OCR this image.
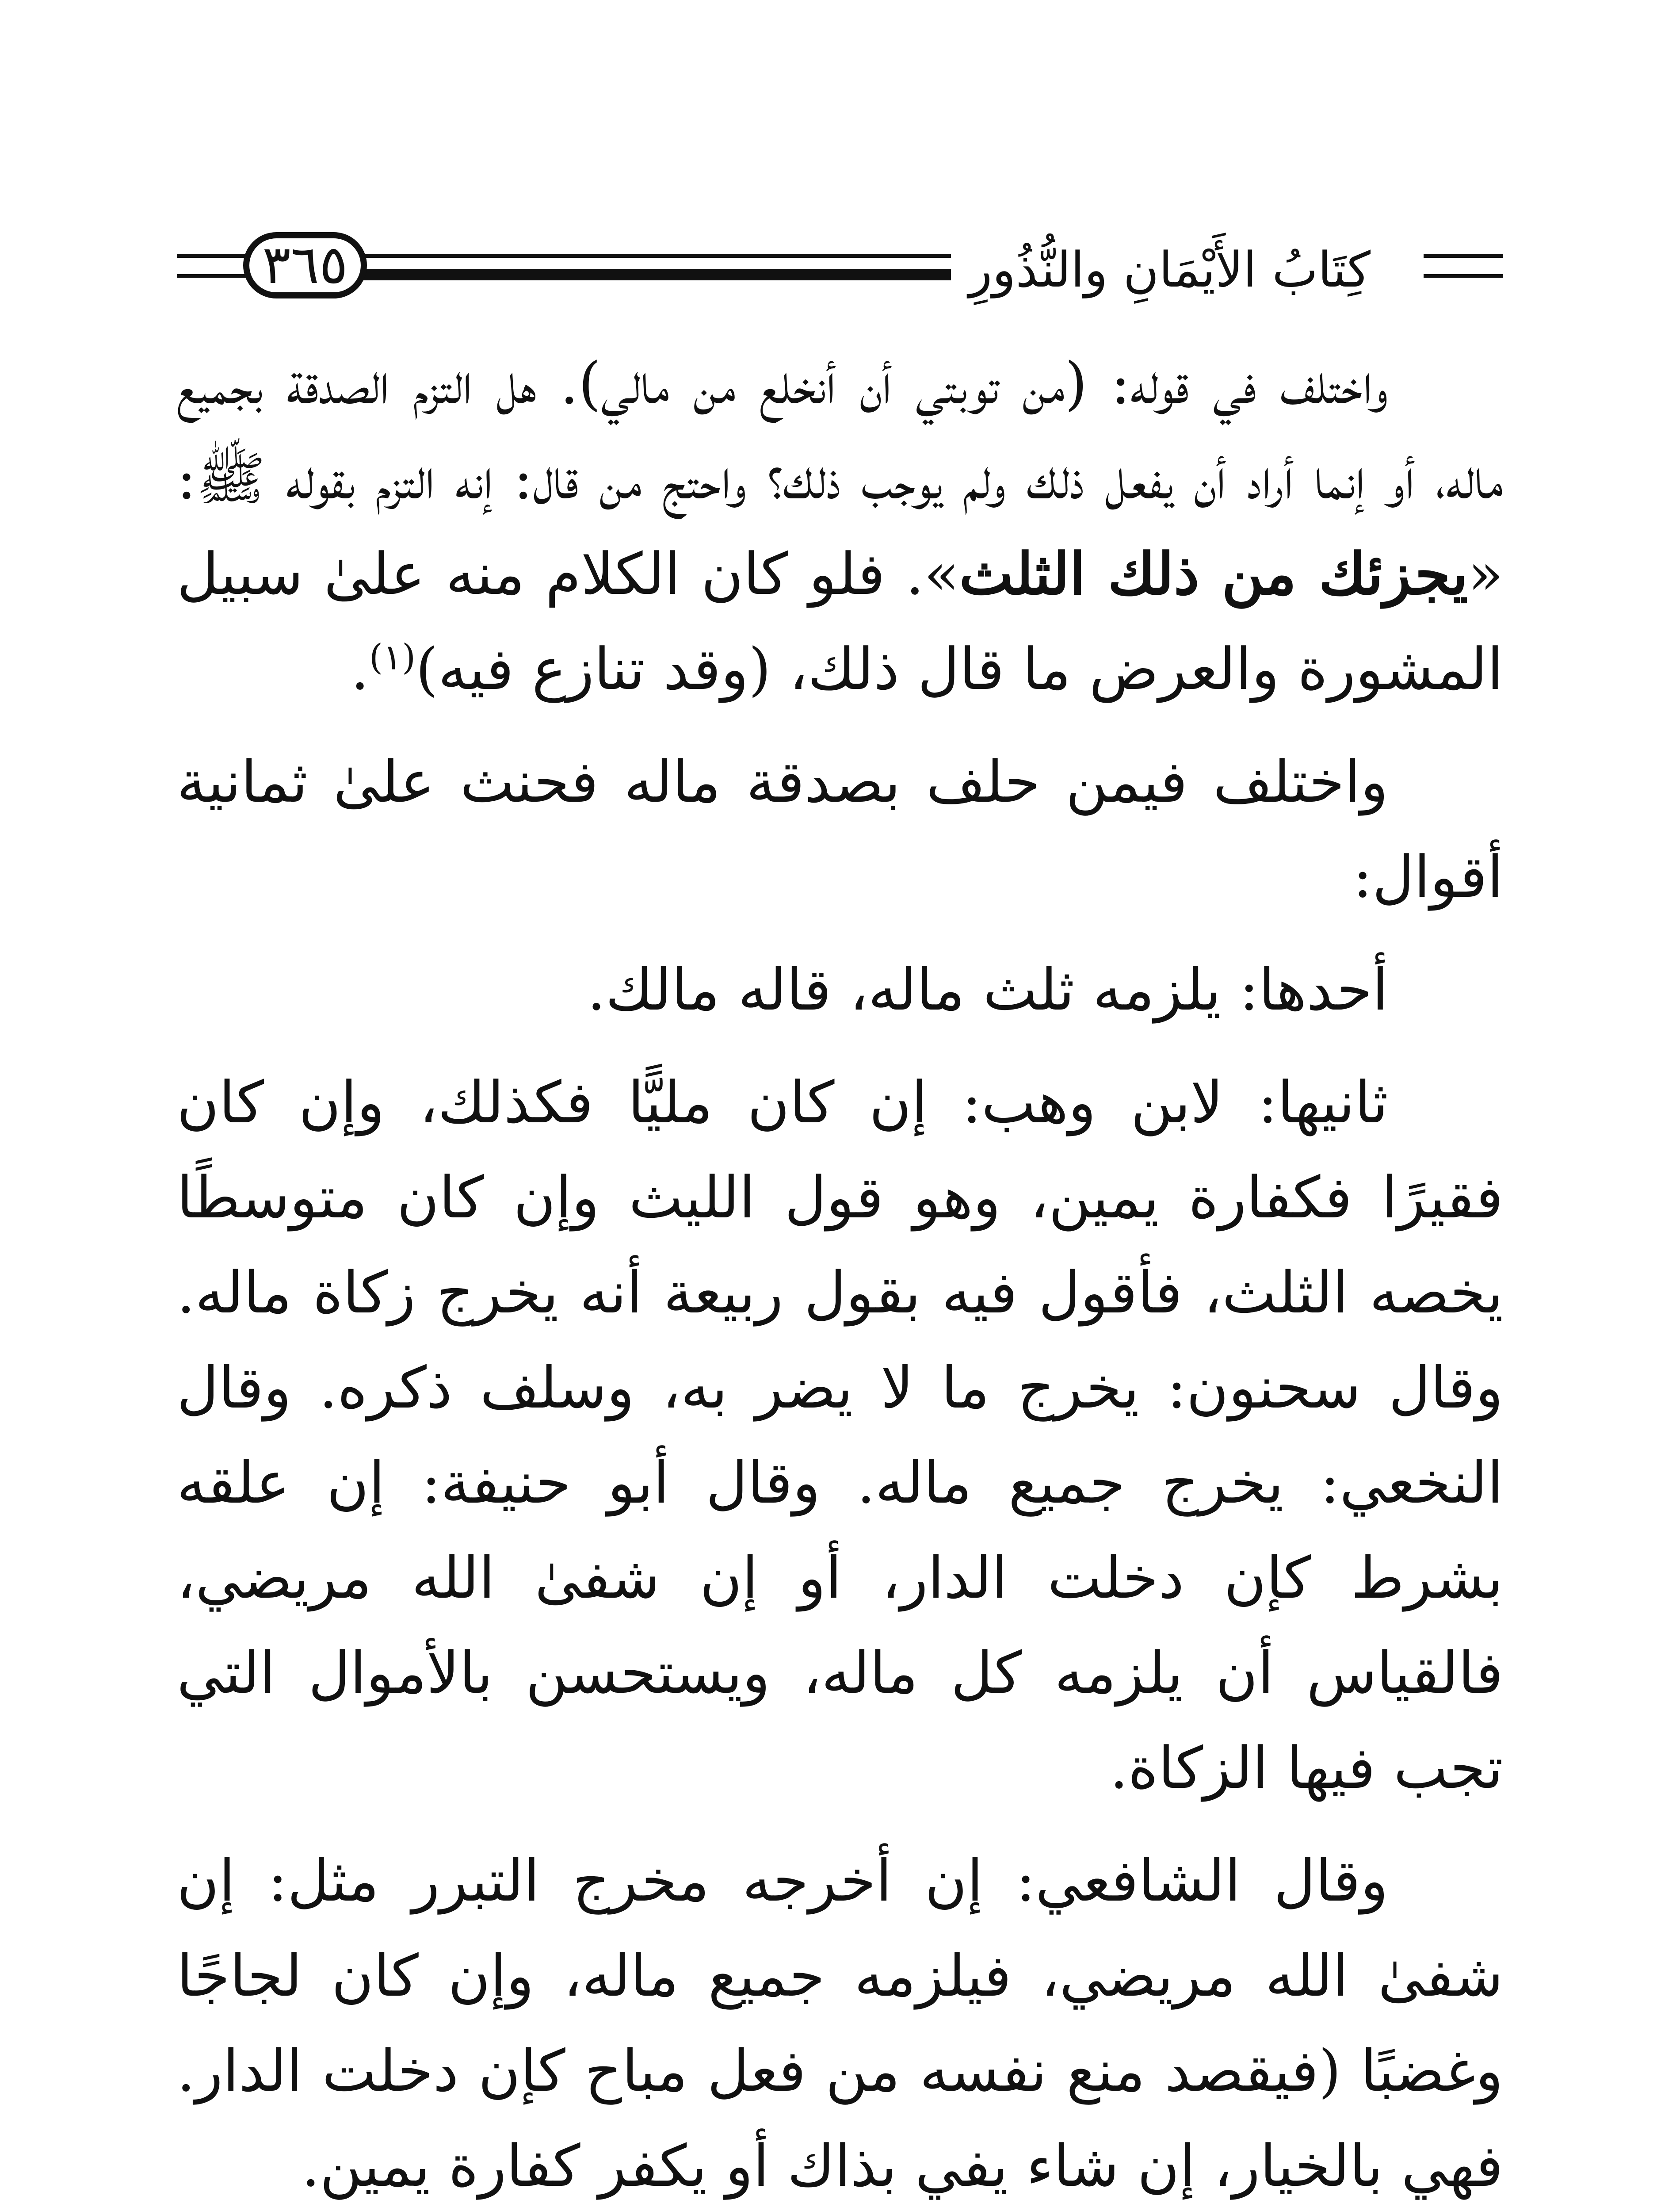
٣٦٥	كِتَابُ الأَيْمَانِ والنُّذُورِ

واختلف في قوله: (من توبتي أن أنخلع من مالي). هل التزم الصدقة بجميع ماله، أو إنما أراد أن يفعل ذلك ولم يوجب ذلك؟ واحتج من قال: إنه التزم بقوله ﷺ: «يجزئك من ذلك الثلث». فلو كان الكلام منه علىٰ سبيل المشورة والعرض ما قال ذلك، (وقد تنازع فيه)$^{(١)}$.

واختلف فيمن حلف بصدقة ماله فحنث علىٰ ثمانية أقوال:

أحدها: يلزمه ثلث ماله، قاله مالك.

ثانيها: لابن وهب: إن كان مليًّا فكذلك، وإن كان فقيرًا فكفارة يمين، وهو قول الليث وإن كان متوسطًا يخصه الثلث، فأقول فيه بقول ربيعة أنه يخرج زكاة ماله. وقال سحنون: يخرج ما لا يضر به، وسلف ذكره. وقال النخعي: يخرج جميع ماله. وقال أبو حنيفة: إن علقه بشرط كإن دخلت الدار، أو إن شفىٰ الله مريضي، فالقياس أن يلزمه كل ماله، ويستحسن بالأموال التي تجب فيها الزكاة.

وقال الشافعي: إن أخرجه مخرج التبرر مثل: إن شفىٰ الله مريضي، فيلزمه جميع ماله، وإن كان لجاجًا وغضبًا (فيقصد منع نفسه من فعل مباح كإن دخلت الدار. فهي بالخيار، إن شاء يفي بذاك أو يكفر كفارة يمين.
